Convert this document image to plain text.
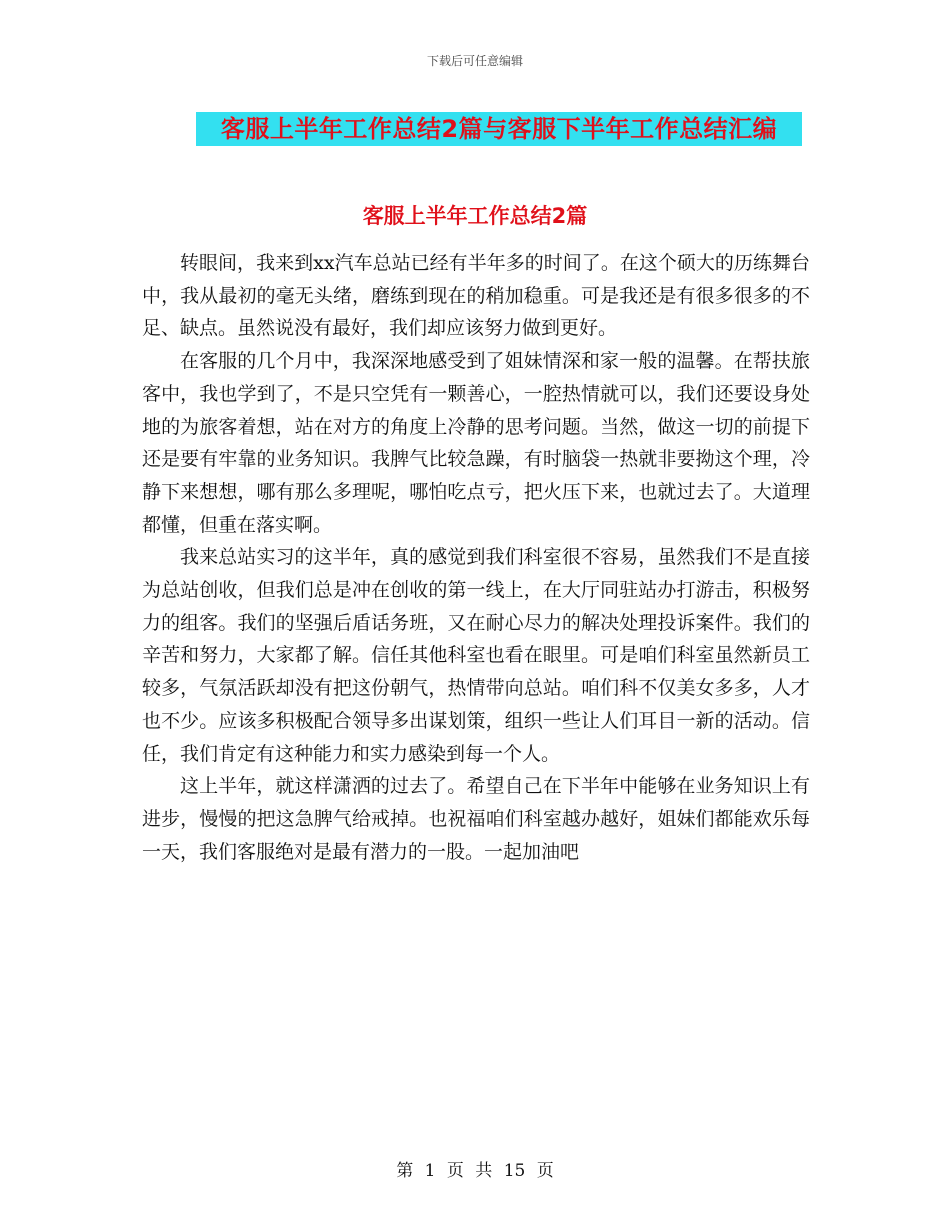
下载后可任意编辑
客服上半年工作总结2篇与客服下半年工作总结汇编
客服上半年工作总结2篇

转眼间，我来到xx汽车总站已经有半年多的时间了。在这个硕大的历练舞台中，我从最初的毫无头绪，磨练到现在的稍加稳重。可是我还是有很多很多的不足、缺点。虽然说没有最好，我们却应该努力做到更好。

在客服的几个月中，我深深地感受到了姐妹情深和家一般的温馨。在帮扶旅客中，我也学到了，不是只空凭有一颗善心，一腔热情就可以，我们还要设身处地的为旅客着想，站在对方的角度上冷静的思考问题。当然，做这一切的前提下还是要有牢靠的业务知识。我脾气比较急躁，有时脑袋一热就非要拗这个理，冷静下来想想，哪有那么多理呢，哪怕吃点亏，把火压下来，也就过去了。大道理都懂，但重在落实啊。

我来总站实习的这半年，真的感觉到我们科室很不容易，虽然我们不是直接为总站创收，但我们总是冲在创收的第一线上，在大厅同驻站办打游击，积极努力的组客。我们的坚强后盾话务班，又在耐心尽力的解决处理投诉案件。我们的辛苦和努力，大家都了解。信任其他科室也看在眼里。可是咱们科室虽然新员工较多，气氛活跃却没有把这份朝气，热情带向总站。咱们科不仅美女多多，人才也不少。应该多积极配合领导多出谋划策，组织一些让人们耳目一新的活动。信任，我们肯定有这种能力和实力感染到每一个人。

这上半年，就这样潇洒的过去了。希望自己在下半年中能够在业务知识上有进步，慢慢的把这急脾气给戒掉。也祝福咱们科室越办越好，姐妹们都能欢乐每一天，我们客服绝对是最有潜力的一股。一起加油吧

第 1 页 共 15 页
